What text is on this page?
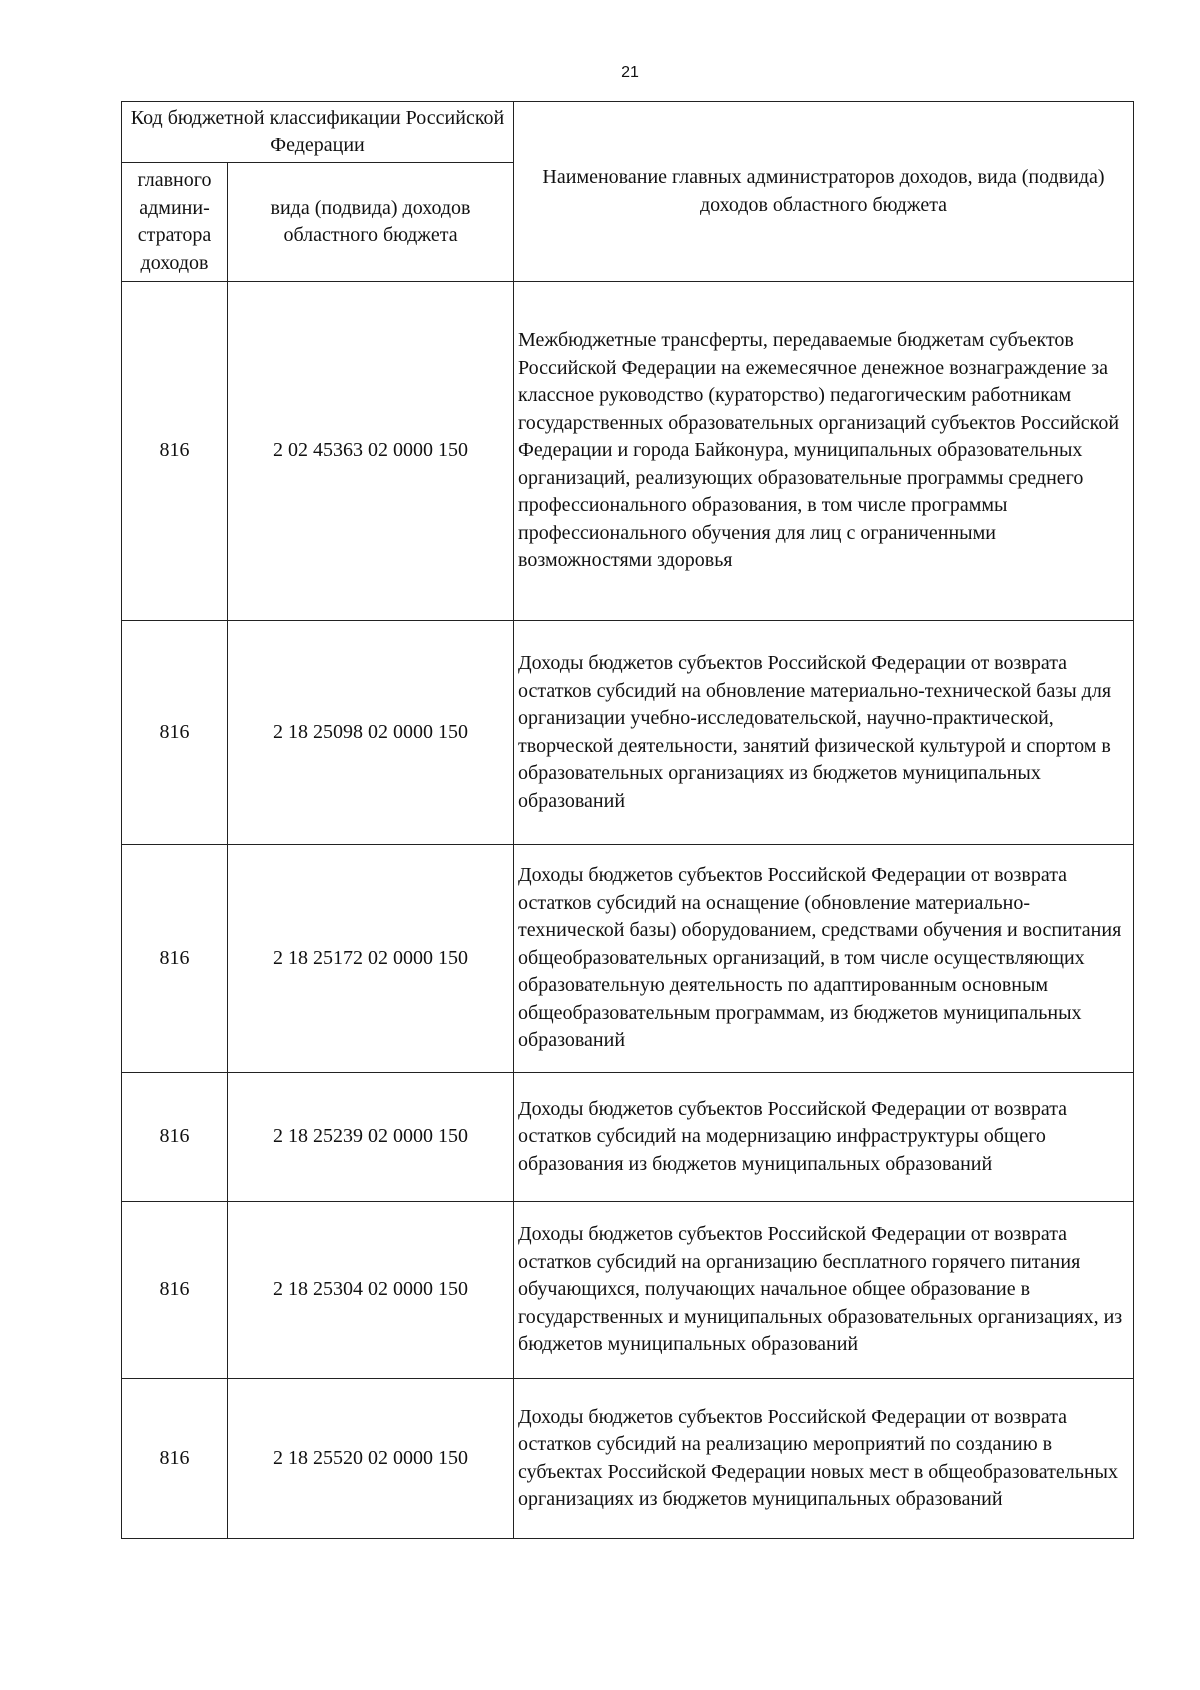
21
Код бюджетной классификации Российской Федерации		Наименование главных администраторов доходов, вида (подвида) доходов областного бюджета
главного админи-стратора доходов	вида (подвида) доходов областного бюджета	
816	2 02 45363 02 0000 150	Межбюджетные трансферты, передаваемые бюджетам субъектов Российской Федерации на ежемесячное денежное вознаграждение за классное руководство (кураторство) педагогическим работникам государственных образовательных организаций субъектов Российской Федерации и города Байконура, муниципальных образовательных организаций, реализующих образовательные программы среднего профессионального образования, в том числе программы профессионального обучения для лиц с ограниченными возможностями здоровья
816	2 18 25098 02 0000 150	Доходы бюджетов субъектов Российской Федерации от возврата остатков субсидий на обновление материально-технической базы для организации учебно-исследовательской, научно-практической, творческой деятельности, занятий физической культурой и спортом в образовательных организациях из бюджетов муниципальных образований
816	2 18 25172 02 0000 150	Доходы бюджетов субъектов Российской Федерации от возврата остатков субсидий на оснащение (обновление материально-технической базы) оборудованием, средствами обучения и воспитания общеобразовательных организаций, в том числе осуществляющих образовательную деятельность по адаптированным основным общеобразовательным программам, из бюджетов муниципальных образований
816	2 18 25239 02 0000 150	Доходы бюджетов субъектов Российской Федерации от возврата остатков субсидий на модернизацию инфраструктуры общего образования из бюджетов муниципальных образований
816	2 18 25304 02 0000 150	Доходы бюджетов субъектов Российской Федерации от возврата остатков субсидий на организацию бесплатного горячего питания обучающихся, получающих начальное общее образование в государственных и муниципальных образовательных организациях, из бюджетов муниципальных образований
816	2 18 25520 02 0000 150	Доходы бюджетов субъектов Российской Федерации от возврата остатков субсидий на реализацию мероприятий по созданию в субъектах Российской Федерации новых мест в общеобразовательных организациях из бюджетов муниципальных образований
